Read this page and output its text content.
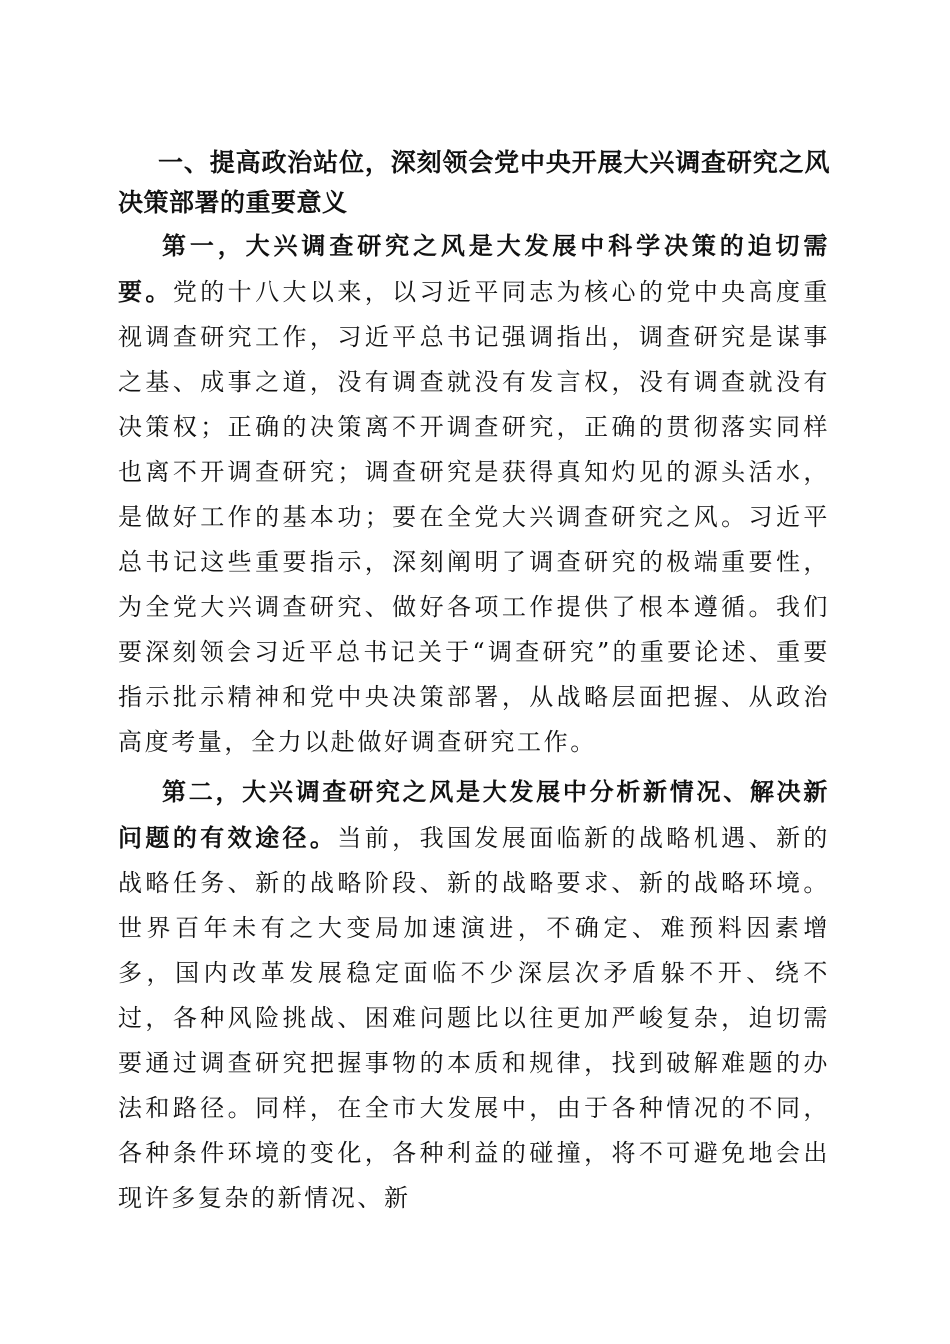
一、提高政治站位，深刻领会党中央开展大兴调查研究之风决策部署的重要意义

第一，大兴调查研究之风是大发展中科学决策的迫切需要。党的十八大以来，以习近平同志为核心的党中央高度重视调查研究工作，习近平总书记强调指出，调查研究是谋事之基、成事之道，没有调查就没有发言权，没有调查就没有决策权；正确的决策离不开调查研究，正确的贯彻落实同样也离不开调查研究；调查研究是获得真知灼见的源头活水，是做好工作的基本功；要在全党大兴调查研究之风。习近平总书记这些重要指示，深刻阐明了调查研究的极端重要性，为全党大兴调查研究、做好各项工作提供了根本遵循。我们要深刻领会习近平总书记关于“调查研究”的重要论述、重要指示批示精神和党中央决策部署，从战略层面把握、从政治高度考量，全力以赴做好调查研究工作。

第二，大兴调查研究之风是大发展中分析新情况、解决新问题的有效途径。当前，我国发展面临新的战略机遇、新的战略任务、新的战略阶段、新的战略要求、新的战略环境。世界百年未有之大变局加速演进，不确定、难预料因素增多，国内改革发展稳定面临不少深层次矛盾躲不开、绕不过，各种风险挑战、困难问题比以往更加严峻复杂，迫切需要通过调查研究把握事物的本质和规律，找到破解难题的办法和路径。同样，在全市大发展中，由于各种情况的不同，各种条件环境的变化，各种利益的碰撞，将不可避免地会出现许多复杂的新情况、新
